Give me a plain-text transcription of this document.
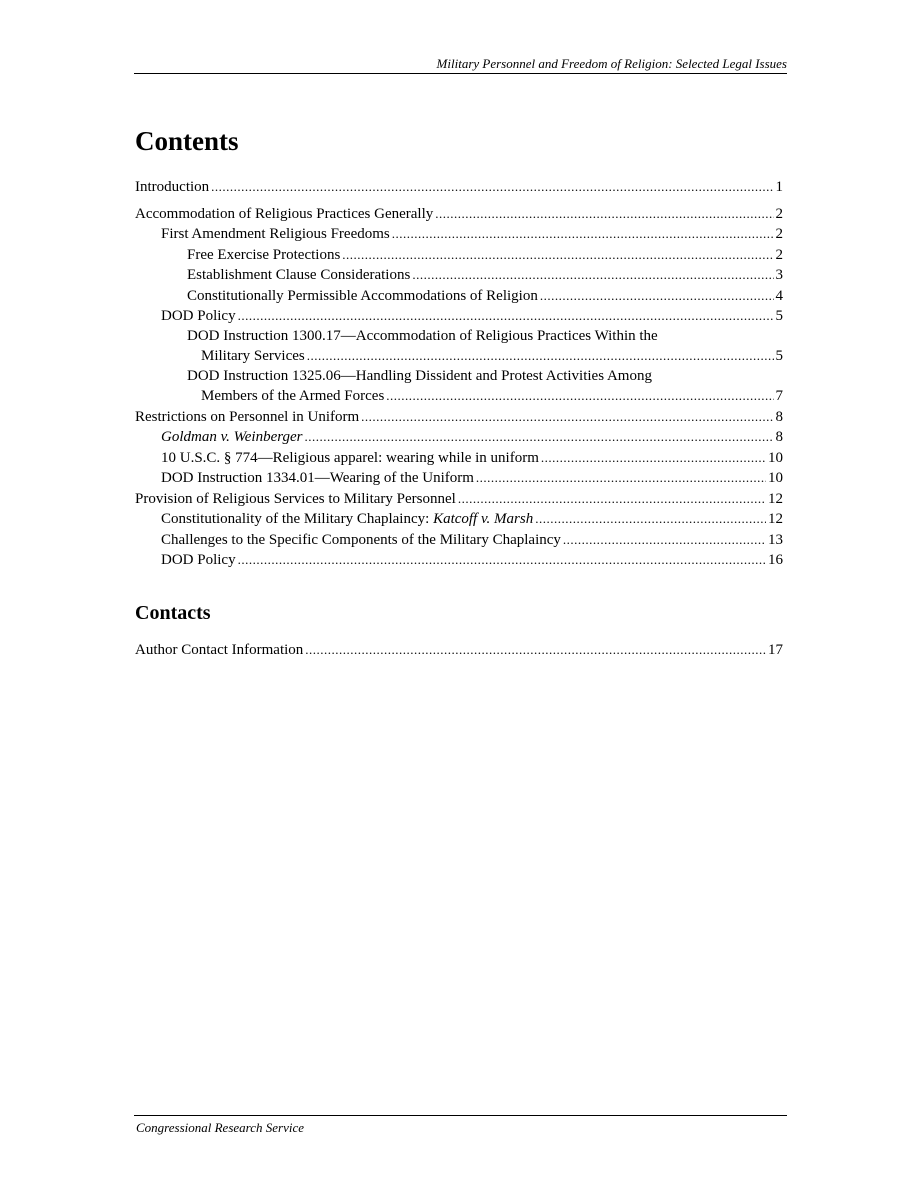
Military Personnel and Freedom of Religion: Selected Legal Issues
Contents
Introduction .....	1
Accommodation of Religious Practices Generally .....	2
First Amendment Religious Freedoms .....	2
Free Exercise Protections .....	2
Establishment Clause Considerations .....	3
Constitutionally Permissible Accommodations of Religion .....	4
DOD Policy .....	5
DOD Instruction 1300.17—Accommodation of Religious Practices Within the
Military Services .....	5
DOD Instruction 1325.06—Handling Dissident and Protest Activities Among
Members of the Armed Forces .....	7
Restrictions on Personnel in Uniform .....	8
Goldman v. Weinberger .....	8
10 U.S.C. § 774—Religious apparel: wearing while in uniform .....	10
DOD Instruction 1334.01—Wearing of the Uniform .....	10
Provision of Religious Services to Military Personnel .....	12
Constitutionality of the Military Chaplaincy: Katcoff v. Marsh .....	12
Challenges to the Specific Components of the Military Chaplaincy .....	13
DOD Policy .....	16
Contacts
Author Contact Information .....	17
Congressional Research Service
